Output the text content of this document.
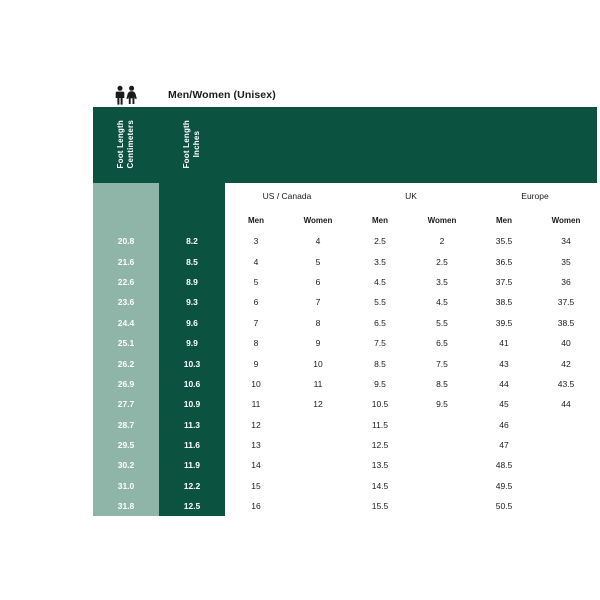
Men/Women (Unisex)
Foot Length
Centimeters	Foot Length
Inches						
		US / Canada		UK		Europe	
		Men	Women	Men	Women	Men	Women
20.8	8.2	3	4	2.5	2	35.5	34
21.6	8.5	4	5	3.5	2.5	36.5	35
22.6	8.9	5	6	4.5	3.5	37.5	36
23.6	9.3	6	7	5.5	4.5	38.5	37.5
24.4	9.6	7	8	6.5	5.5	39.5	38.5
25.1	9.9	8	9	7.5	6.5	41	40
26.2	10.3	9	10	8.5	7.5	43	42
26.9	10.6	10	11	9.5	8.5	44	43.5
27.7	10.9	11	12	10.5	9.5	45	44
28.7	11.3	12		11.5		46	
29.5	11.6	13		12.5		47	
30.2	11.9	14		13.5		48.5	
31.0	12.2	15		14.5		49.5	
31.8	12.5	16		15.5		50.5	
